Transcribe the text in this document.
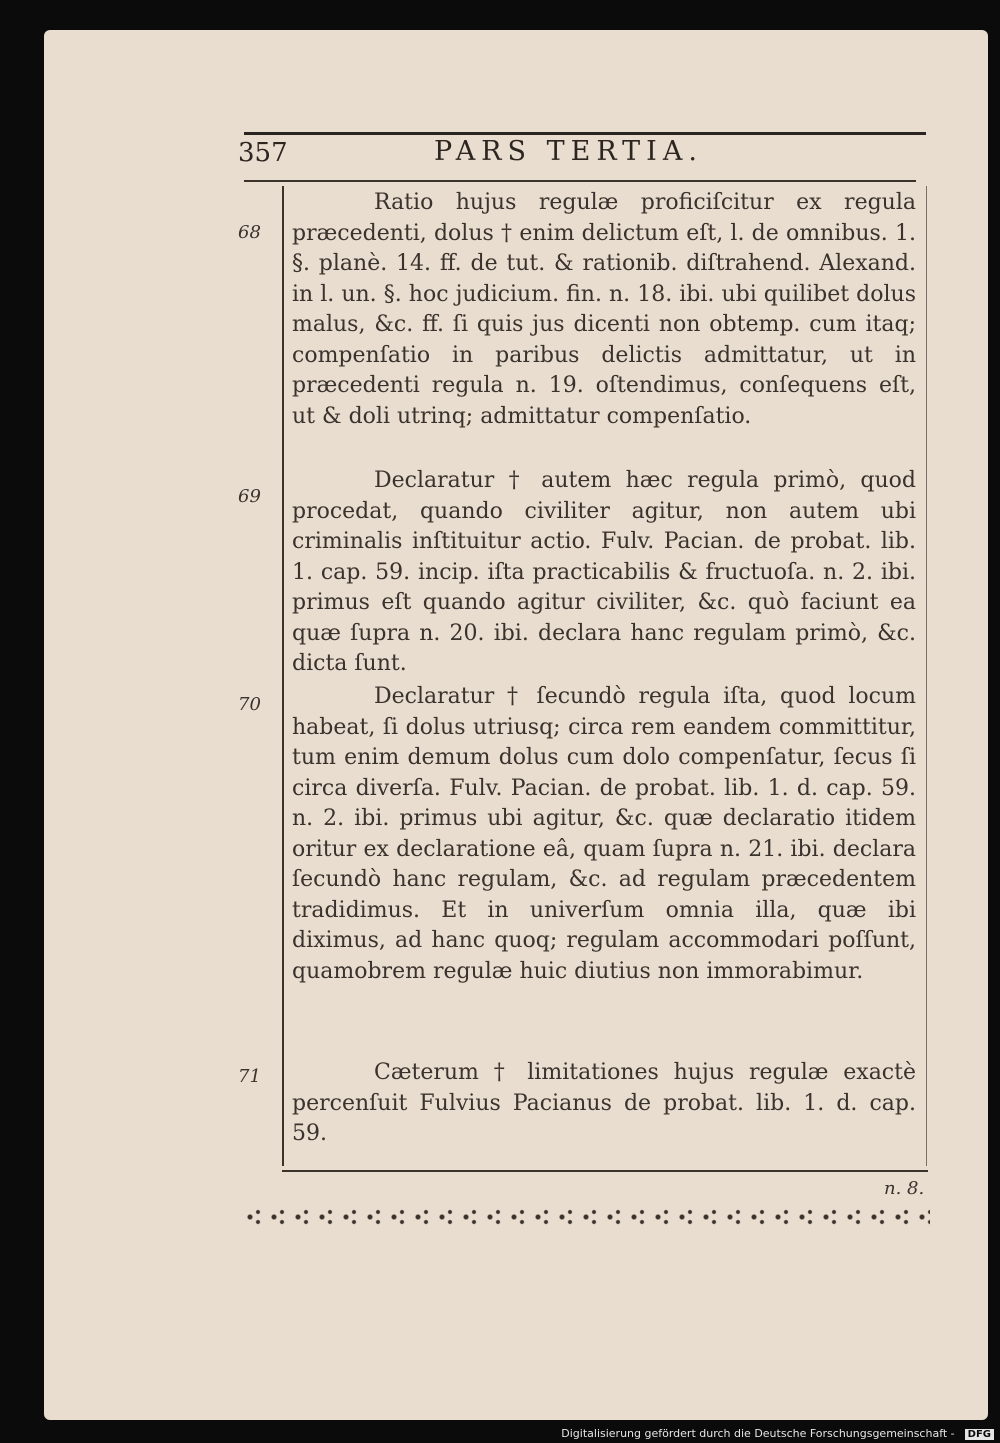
357	PARS TERTIA.
68

Ratio hujus regulæ proficiſcitur ex regula præcedenti, dolus † enim delictum eſt, l. de omnibus. 1. §. planè. 14. ff. de tut. & rationib. diſtrahend. Alexand. in l. un. §. hoc judicium. fin. n. 18. ibi. ubi quilibet dolus malus, &c. ff. ſi quis jus dicenti non obtemp. cum itaq; compenſatio in paribus delictis admittatur, ut in præcedenti regula n. 19. oſtendimus, conſequens eſt, ut & doli utrinq; admittatur compenſatio.

69

Declaratur † autem hæc regula primò, quod procedat, quando civiliter agitur, non autem ubi criminalis inſtituitur actio. Fulv. Pacian. de probat. lib. 1. cap. 59. incip. iſta practicabilis & fructuoſa. n. 2. ibi. primus eſt quando agitur civiliter, &c. quò faciunt ea quæ ſupra n. 20. ibi. declara hanc regulam primò, &c. dicta ſunt.

70	Declaratur † ſecundò regula iſta, quod locum habeat, ſi dolus utriusq; circa rem eandem committitur, tum enim demum dolus cum dolo compenſatur, ſecus ſi circa diverſa. Fulv. Pacian. de probat. lib. 1. d. cap. 59. n. 2. ibi. primus ubi agitur, &c. quæ declaratio itidem oritur ex declaratione eâ, quam ſupra n. 21. ibi. declara ſecundò hanc regulam, &c. ad regulam præcedentem tradidimus. Et in univerſum omnia illa, quæ ibi diximus, ad hanc quoq; regulam accommodari poſſunt, quamobrem regulæ huic diutius non immorabimur.

71	Cæterum † limitationes hujus regulæ exactè percenſuit Fulvius Pacianus de probat. lib. 1. d. cap. 59.

n. 8.
Digitalisierung gefördert durch die Deutsche Forschungsgemeinschaft - DFG
